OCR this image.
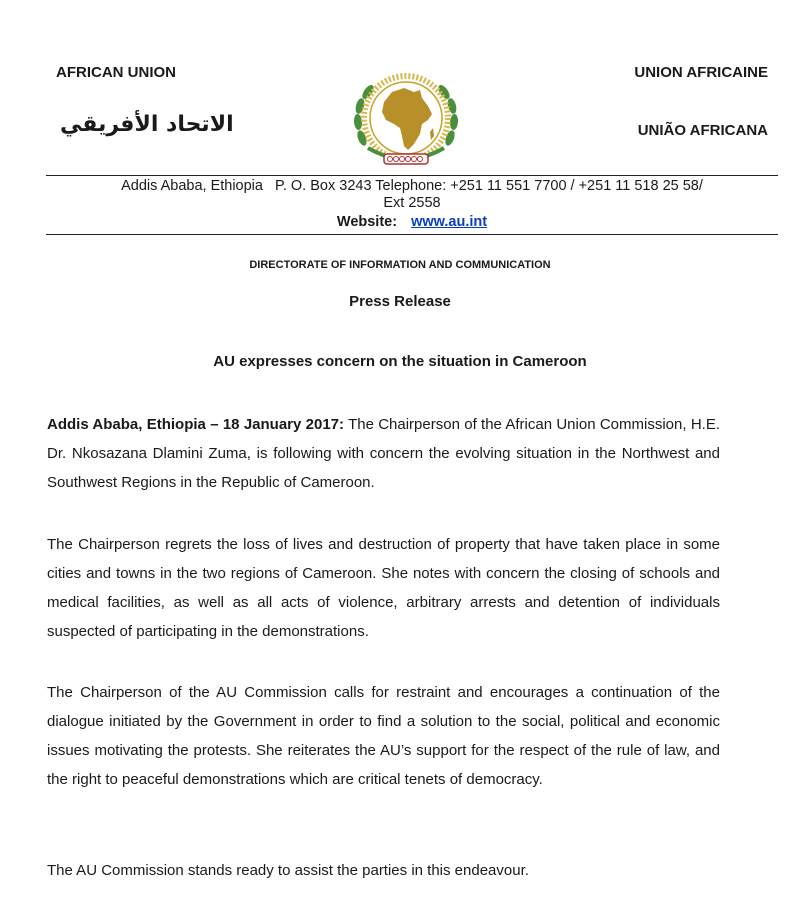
AFRICAN UNION
الاتحاد الأفريقي
UNION AFRICAINE
UNIÃO AFRICANA
Addis Ababa, Ethiopia   P. O. Box 3243 Telephone: +251 11 551 7700 / +251 11 518 25 58/
Ext 2558
Website: www.au.int
DIRECTORATE OF INFORMATION AND COMMUNICATION
Press Release
AU expresses concern on the situation in Cameroon

Addis Ababa, Ethiopia – 18 January 2017: The Chairperson of the African Union Commission, H.E. Dr. Nkosazana Dlamini Zuma, is following with concern the evolving situation in the Northwest and Southwest Regions in the Republic of Cameroon.

The Chairperson regrets the loss of lives and destruction of property that have taken place in some cities and towns in the two regions of Cameroon. She notes with concern the closing of schools and medical facilities, as well as all acts of violence, arbitrary arrests and detention of individuals suspected of participating in the demonstrations.

The Chairperson of the AU Commission calls for restraint and encourages a continuation of the dialogue initiated by the Government in order to find a solution to the social, political and economic issues motivating the protests. She reiterates the AU’s support for the respect of the rule of law, and the right to peaceful demonstrations which are critical tenets of democracy.

The AU Commission stands ready to assist the parties in this endeavour.
